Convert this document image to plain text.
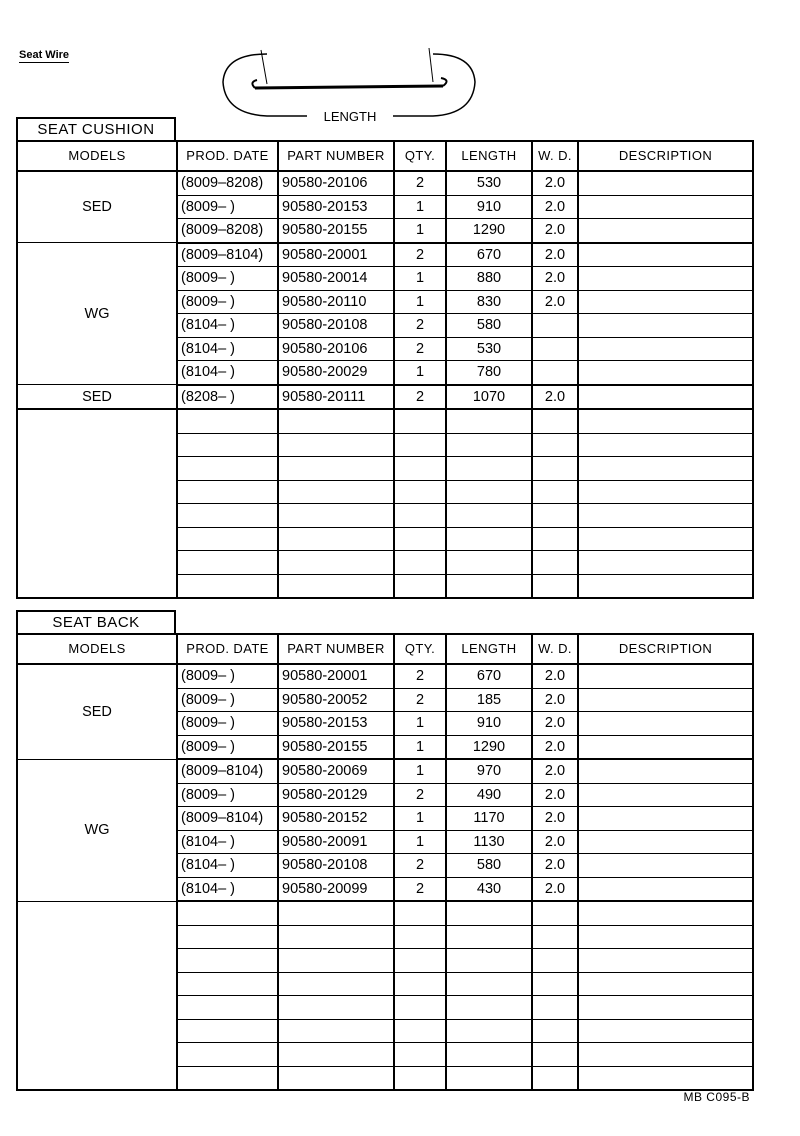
Seat Wire
LENGTH
SEAT CUSHION
MODELS	PROD. DATE	PART NUMBER	QTY.	LENGTH	W. D.	DESCRIPTION
SED	(8009–8208)	90580-20106	2	530	2.0	
	(8009– )	90580-20153	1	910	2.0	
	(8009–8208)	90580-20155	1	1290	2.0	
WG	(8009–8104)	90580-20001	2	670	2.0	
	(8009– )	90580-20014	1	880	2.0	
	(8009– )	90580-20110	1	830	2.0	
	(8104– )	90580-20108	2	580		
	(8104– )	90580-20106	2	530		
	(8104– )	90580-20029	1	780		
SED	(8208– )	90580-20111	2	1070	2.0	

SEAT BACK
MODELS	PROD. DATE	PART NUMBER	QTY.	LENGTH	W. D.	DESCRIPTION
SED	(8009– )	90580-20001	2	670	2.0	
	(8009– )	90580-20052	2	185	2.0	
	(8009– )	90580-20153	1	910	2.0	
	(8009– )	90580-20155	1	1290	2.0	
WG	(8009–8104)	90580-20069	1	970	2.0	
	(8009– )	90580-20129	2	490	2.0	
	(8009–8104)	90580-20152	1	1170	2.0	
	(8104– )	90580-20091	1	1130	2.0	
	(8104– )	90580-20108	2	580	2.0	
	(8104– )	90580-20099	2	430	2.0	

MB C095-B
